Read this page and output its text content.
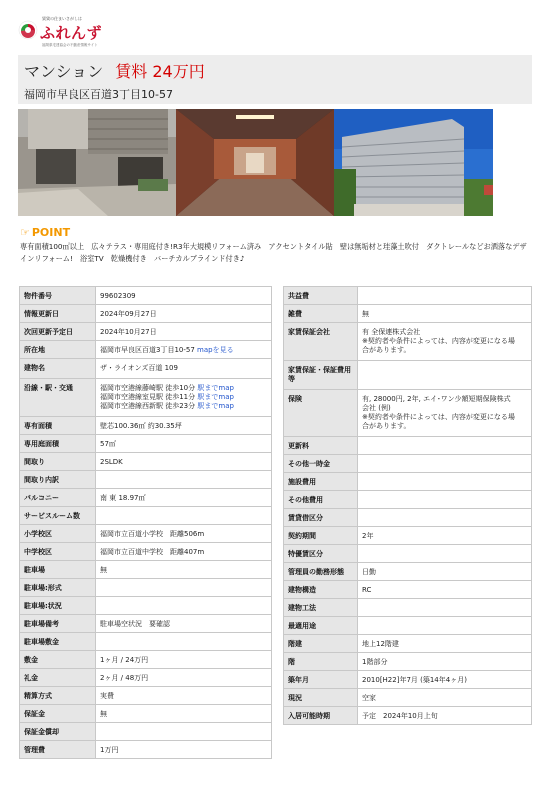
賃貸の住まいさがしは
ふれんず
福岡県宅建協会の不動産情報サイト
マンション 賃料 24万円
福岡市早良区百道3丁目10-57
☞ POINT
専有面積100㎡以上　広々テラス・専用庭付き!R3年大規模リフォーム済み　アクセントタイル貼　壁は無垢材と珪藻土吹付　ダクトレールなどお洒落なデザインリフォーム!　浴室TV　乾燥機付き　バーチカルブラインド付き♪
物件番号	99602309
情報更新日	2024年09月27日
次回更新予定日	2024年10月27日
所在地	福岡市早良区百道3丁目10-57 mapを見る
建物名	ザ・ライオンズ百道 109
沿線・駅・交通	福岡市空港線藤崎駅 徒歩10分 駅までmap
福岡市空港線室見駅 徒歩11分 駅までmap
福岡市空港線西新駅 徒歩23分 駅までmap

専有面積	壁芯100.36㎡ 約30.35坪
専用庭面積	57㎡
間取り	2SLDK
間取り内訳	
バルコニー	南 東 18.97㎡
サービスルーム数	
小学校区	福岡市立百道小学校　距離506m
中学校区	福岡市立百道中学校　距離407m
駐車場	無
駐車場:形式	
駐車場:状況	
駐車場備考	駐車場空状況　要確認
駐車場敷金	
敷金	1ヶ月 / 24万円
礼金	2ヶ月 / 48万円
精算方式	実費
保証金	無
保証金償却	
管理費	1万円
共益費	
雑費	無
家賃保証会社	有 全保連株式会社
※契約者や条件によっては、内容が変更になる場
合があります。

家賃保証・保証費用等	
保険	有, 28000円, 2年, エイ･ワン少額短期保険株式
会社 (例)
※契約者や条件によっては、内容が変更になる場
合があります。

更新料	
その他一時金	
施設費用	
その他費用	
賃貸借区分	
契約期間	2年
特優賃区分	
管理員の勤務形態	日勤
建物構造	RC
建物工法	
最適用途	
階建	地上12階建
階	1階部分
築年月	2010[H22]年7月 (築14年4ヶ月)
現況	空家
入居可能時期	予定　2024年10月上旬
